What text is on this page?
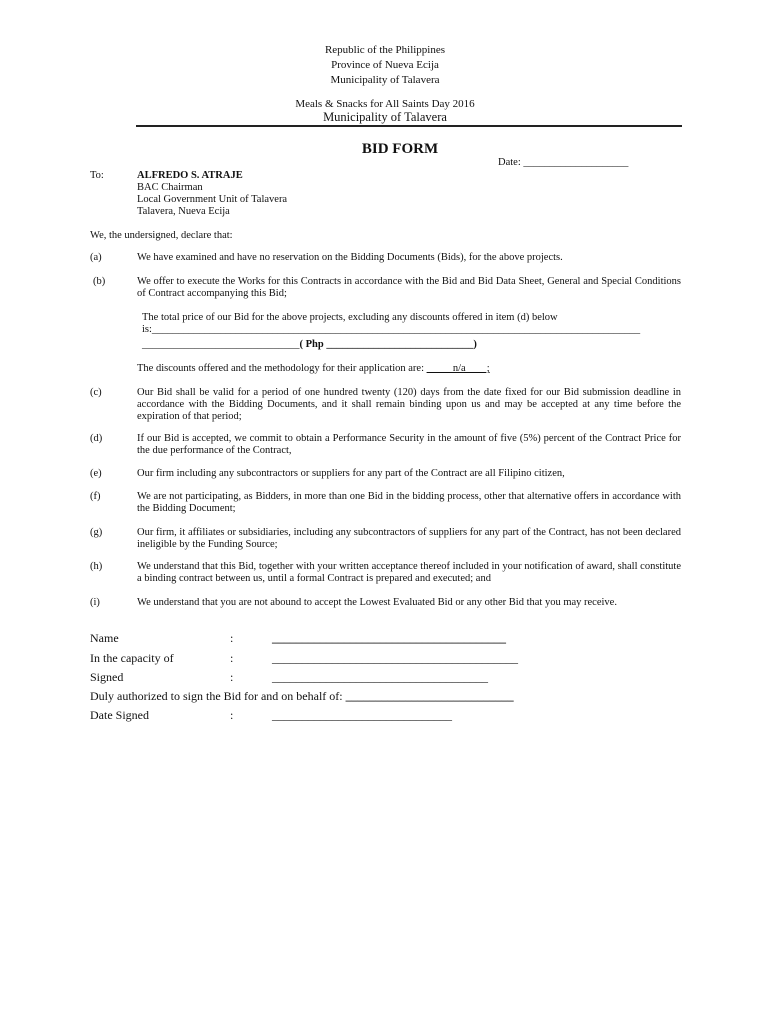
Republic of the Philippines
Province of Nueva Ecija
Municipality of Talavera
Meals & Snacks for All Saints Day 2016
Municipality of Talavera
BID FORM
Date: ____________________
To:	ALFREDO S. ATRAJE
BAC Chairman
Local Government Unit of Talavera
Talavera, Nueva Ecija
We, the undersigned, declare that:
(a)	We have examined and have no reservation on the Bidding Documents (Bids), for the above projects.
(b)	We offer to execute the Works for this Contracts in accordance with the Bid and Bid Data Sheet, General and Special Conditions of Contract accompanying this Bid;
The total price of our Bid for the above projects, excluding any discounts offered in item (d) below
is:_____________________________________________________________________________________________
______________________________( Php ____________________________)
The discounts offered and the methodology for their application are: _____n/a____;
(c)	Our Bid shall be valid for a period of one hundred twenty (120) days from the date fixed for our Bid submission deadline in accordance with the Bidding Documents, and it shall remain binding upon us and may be accepted at any time before the expiration of that period;
(d)	If our Bid is accepted, we commit to obtain a Performance Security in the amount of five (5%) percent of the Contract Price for the due performance of the Contract,
(e)	Our firm including any subcontractors or suppliers for any part of the Contract are all Filipino citizen,
(f)	We are not participating, as Bidders, in more than one Bid in the bidding process, other that alternative offers in accordance with the Bidding Document;
(g)	Our firm, it affiliates or subsidiaries, including any subcontractors of suppliers for any part of the Contract, has not been declared ineligible by the Funding Source;
(h)	We understand that this Bid, together with your written acceptance thereof included in your notification of award, shall constitute a binding contract between us, until a formal Contract is prepared and executed; and
(i)	We understand that you are not abound to accept the Lowest Evaluated Bid or any other Bid that you may receive.
Name	:	_______________________________________
In the capacity of	:	_________________________________________
Signed	:	____________________________________
Duly authorized to sign the Bid for and on behalf of: ____________________________
Date Signed	:	______________________________
